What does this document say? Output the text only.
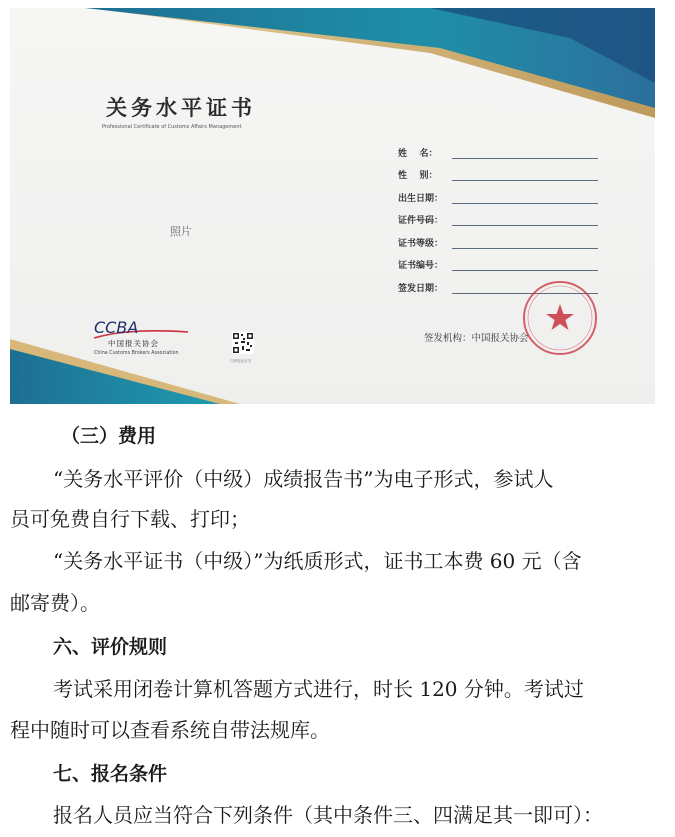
关务水平证书
Professional Certificate of Customs Affairs Management
照片
姓    名：
性    别：
出生日期：
证件号码：
证书等级：
证书编号：
签发日期：
签发机构：中国报关协会
CCBA
中国报关协会
China Customs Brokers Association
扫码验证证书
（三）费用
“关务水平评价（中级）成绩报告书”为电子形式，参试人
员可免费自行下载、打印；
“关务水平证书（中级）”为纸质形式，证书工本费 60 元（含
邮寄费）。
六、评价规则
考试采用闭卷计算机答题方式进行，时长 120 分钟。考试过
程中随时可以查看系统自带法规库。
七、报名条件
报名人员应当符合下列条件（其中条件三、四满足其一即可）：
